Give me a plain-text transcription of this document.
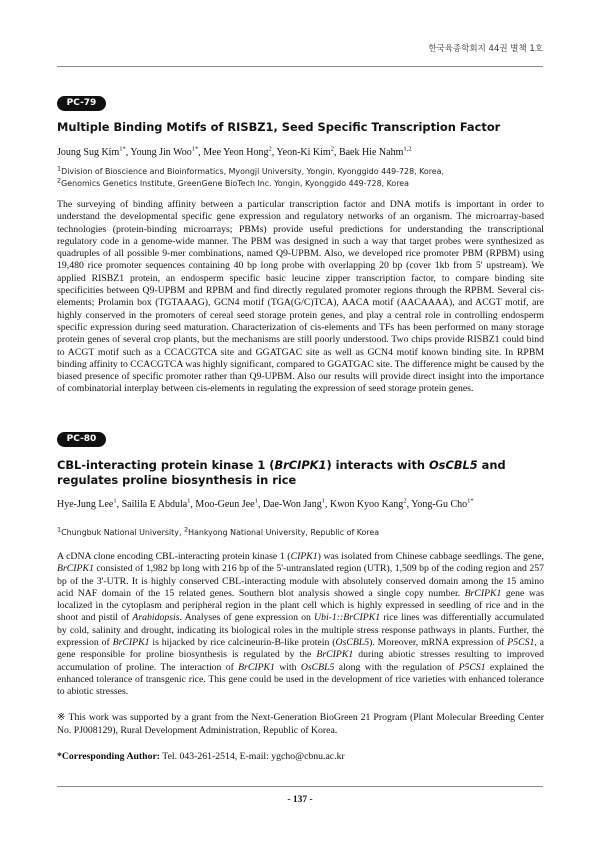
한국육종학회지 44권 별책 1호
PC-79
Multiple Binding Motifs of RISBZ1, Seed Specific Transcription Factor
Joung Sug Kim$^{1*}$, Young Jin Woo$^{1*}$, Mee Yeon Hong$^2$, Yeon-Ki Kim$^2$, Baek Hie Nahm$^{1,2}$
$^1$Division of Bioscience and Bioinformatics, Myongji University, Yongin, Kyonggido 449-728, Korea,
$^2$Genomics Genetics Institute, GreenGene BioTech Inc. Yongin, Kyonggido 449-728, Korea

The surveying of binding affinity between a particular transcription factor and DNA motifs is important in order to understand the developmental specific gene expression and regulatory networks of an organism. The microarray-based technologies (protein-binding microarrays; PBMs) provide useful predictions for understanding the transcriptional regulatory code in a genome-wide manner. The PBM was designed in such a way that target probes were synthesized as quadruples of all possible 9-mer combinations, named Q9-UPBM. Also, we developed rice promoter PBM (RPBM) using 19,480 rice promoter sequences containing 40 bp long probe with overlapping 20 bp (cover 1kb from 5' upstream). We applied RISBZ1 protein, an endosperm specific basic leucine zipper transcription factor, to compare binding site specificities between Q9-UPBM and RPBM and find directly regulated promoter regions through the RPBM. Several cis-elements; Prolamin box (TGTAAAG), GCN4 motif (TGA(G/C)TCA), AACA motif (AACAAAA), and ACGT motif, are highly conserved in the promoters of cereal seed storage protein genes, and play a central role in controlling endosperm specific expression during seed maturation. Characterization of cis-elements and TFs has been performed on many storage protein genes of several crop plants, but the mechanisms are still poorly understood. Two chips provide RISBZ1 could bind to ACGT motif such as a CCACGTCA site and GGATGAC site as well as GCN4 motif known binding site. In RPBM binding affinity to CCACGTCA was highly significant, compared to GGATGAC site. The difference might be caused by the biased presence of specific promoter rather than Q9-UPBM. Also our results will provide direct insight into the importance of combinatorial interplay between cis-elements in regulating the expression of seed storage protein genes.

PC-80
CBL-interacting protein kinase 1 (BrCIPK1) interacts with OsCBL5 and regulates proline biosynthesis in rice
Hye-Jung Lee$^1$, Sailila E Abdula$^1$, Moo-Geun Jee$^1$, Dae-Won Jang$^1$, Kwon Kyoo Kang$^2$, Yong-Gu Cho$^{1*}$
$^1$Chungbuk National University, $^2$Hankyong National University, Republic of Korea

A cDNA clone encoding CBL-interacting protein kinase 1 (CIPK1) was isolated from Chinese cabbage seedlings. The gene, BrCIPK1 consisted of 1,982 bp long with 216 bp of the 5'-untranslated region (UTR), 1,509 bp of the coding region and 257 bp of the 3'-UTR. It is highly conserved CBL-interacting module with absolutely conserved domain among the 15 amino acid NAF domain of the 15 related genes. Southern blot analysis showed a single copy number. BrCIPK1 gene was localized in the cytoplasm and peripheral region in the plant cell which is highly expressed in seedling of rice and in the shoot and pistil of Arabidopsis. Analyses of gene expression on Ubi-1::BrCIPK1 rice lines was differentially accumulated by cold, salinity and drought, indicating its biological roles in the multiple stress response pathways in plants. Further, the expression of BrCIPK1 is hijacked by rice calcineurin-B-like protein (OsCBL5). Moreover, mRNA expression of P5CS1, a gene responsible for proline biosynthesis is regulated by the BrCIPK1 during abiotic stresses resulting to improved accumulation of proline. The interaction of BrCIPK1 with OsCBL5 along with the regulation of P5CS1 explained the enhanced tolerance of transgenic rice. This gene could be used in the development of rice varieties with enhanced tolerance to abiotic stresses.

※ This work was supported by a grant from the Next-Generation BioGreen 21 Program (Plant Molecular Breeding Center No. PJ008129), Rural Development Administration, Republic of Korea.

*Corresponding Author: Tel. 043-261-2514, E-mail: ygcho@cbnu.ac.kr

- 137 -
